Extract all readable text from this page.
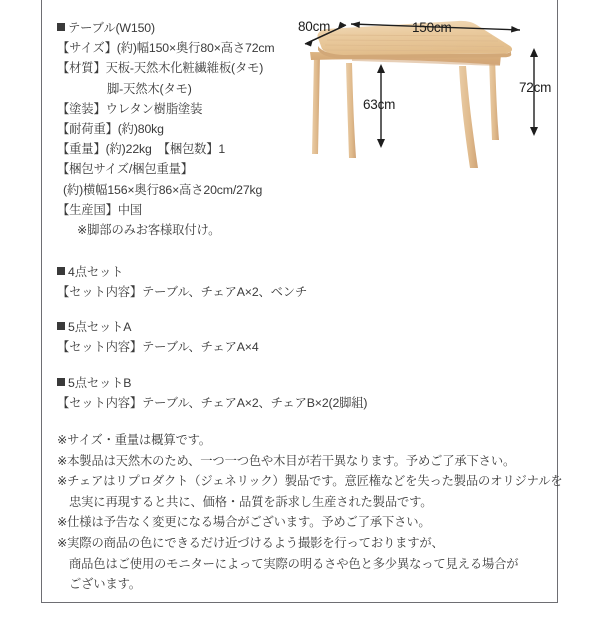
テーブル(W150)
【サイズ】(約)幅150×奥行80×高さ72cm
【材質】天板-天然木化粧繊維板(タモ)
脚-天然木(タモ)
【塗装】ウレタン樹脂塗装
【耐荷重】(約)80kg
【重量】(約)22kg　【梱包数】1
【梱包サイズ/梱包重量】
(約)横幅156×奥行86×高さ20cm/27kg
【生産国】中国
※脚部のみお客様取付け。
4点セット
【セット内容】テーブル、チェアA×2、ベンチ
5点セットA
【セット内容】テーブル、チェアA×4
5点セットB
【セット内容】テーブル、チェアA×2、チェアB×2(2脚組)
※サイズ・重量は概算です。
※本製品は天然木のため、一つ一つ色や木目が若干異なります。予めご了承下さい。
※チェアはリプロダクト（ジェネリック）製品です。意匠権などを失った製品のオリジナルを
忠実に再現すると共に、価格・品質を訴求し生産された製品です。
※仕様は予告なく変更になる場合がございます。予めご了承下さい。
※実際の商品の色にできるだけ近づけるよう撮影を行っておりますが、
商品色はご使用のモニターによって実際の明るさや色と多少異なって見える場合が
ございます。
80cm	150cm
63cm
72cm
